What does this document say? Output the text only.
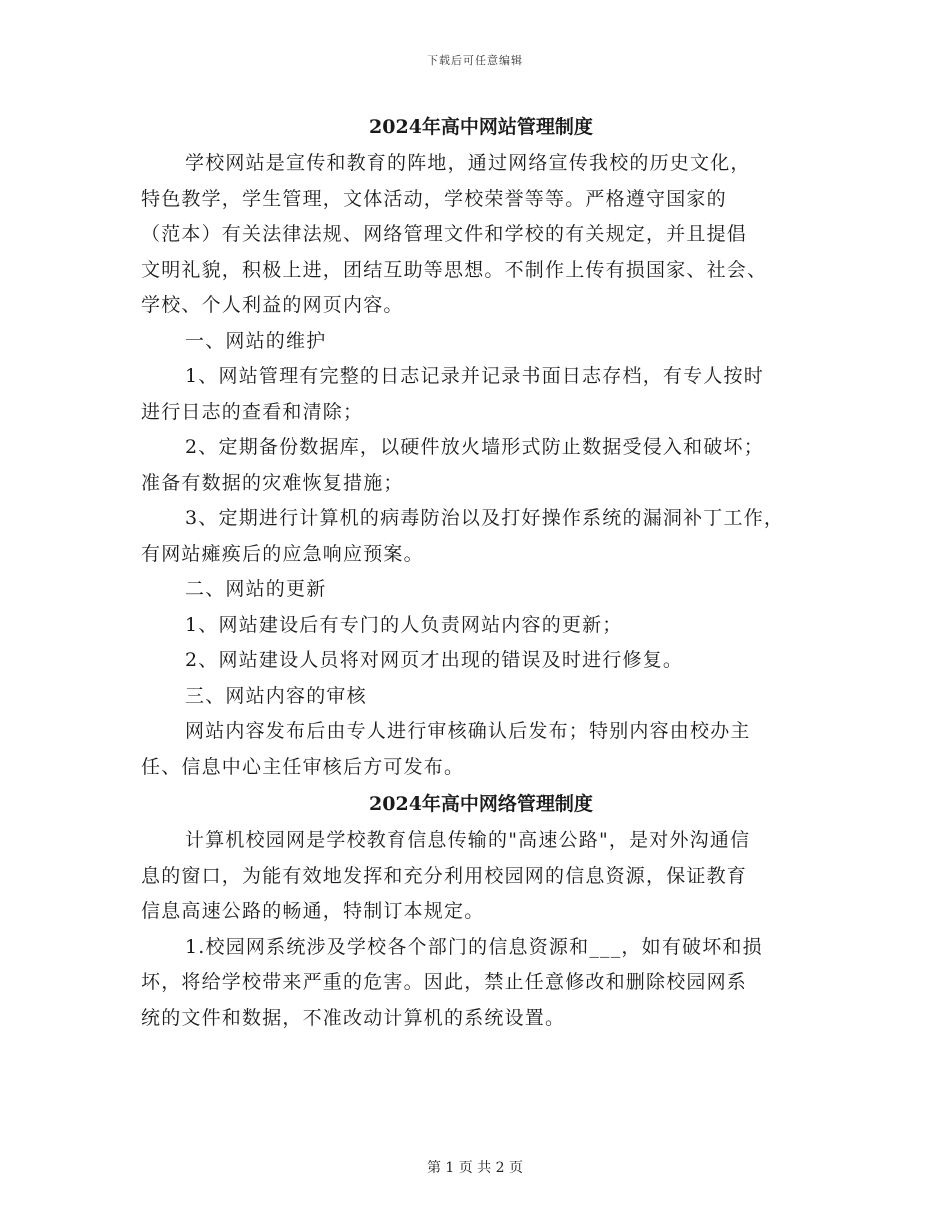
下载后可任意编辑
2024年高中网站管理制度
学校网站是宣传和教育的阵地，通过网络宣传我校的历史文化，
特色教学，学生管理，文体活动，学校荣誉等等。严格遵守国家的
（范本）有关法律法规、网络管理文件和学校的有关规定，并且提倡
文明礼貌，积极上进，团结互助等思想。不制作上传有损国家、社会、
学校、个人利益的网页内容。
一、网站的维护
1、网站管理有完整的日志记录并记录书面日志存档，有专人按时
进行日志的查看和清除；
2、定期备份数据库，以硬件放火墙形式防止数据受侵入和破坏；
准备有数据的灾难恢复措施；
3、定期进行计算机的病毒防治以及打好操作系统的漏洞补丁工作，
有网站瘫痪后的应急响应预案。
二、网站的更新
1、网站建设后有专门的人负责网站内容的更新；
2、网站建设人员将对网页才出现的错误及时进行修复。
三、网站内容的审核
网站内容发布后由专人进行审核确认后发布；特别内容由校办主
任、信息中心主任审核后方可发布。
2024年高中网络管理制度
计算机校园网是学校教育信息传输的"高速公路"，是对外沟通信
息的窗口，为能有效地发挥和充分利用校园网的信息资源，保证教育
信息高速公路的畅通，特制订本规定。
1.校园网系统涉及学校各个部门的信息资源和___，如有破坏和损
坏，将给学校带来严重的危害。因此，禁止任意修改和删除校园网系
统的文件和数据，不准改动计算机的系统设置。
第 1 页 共 2 页
